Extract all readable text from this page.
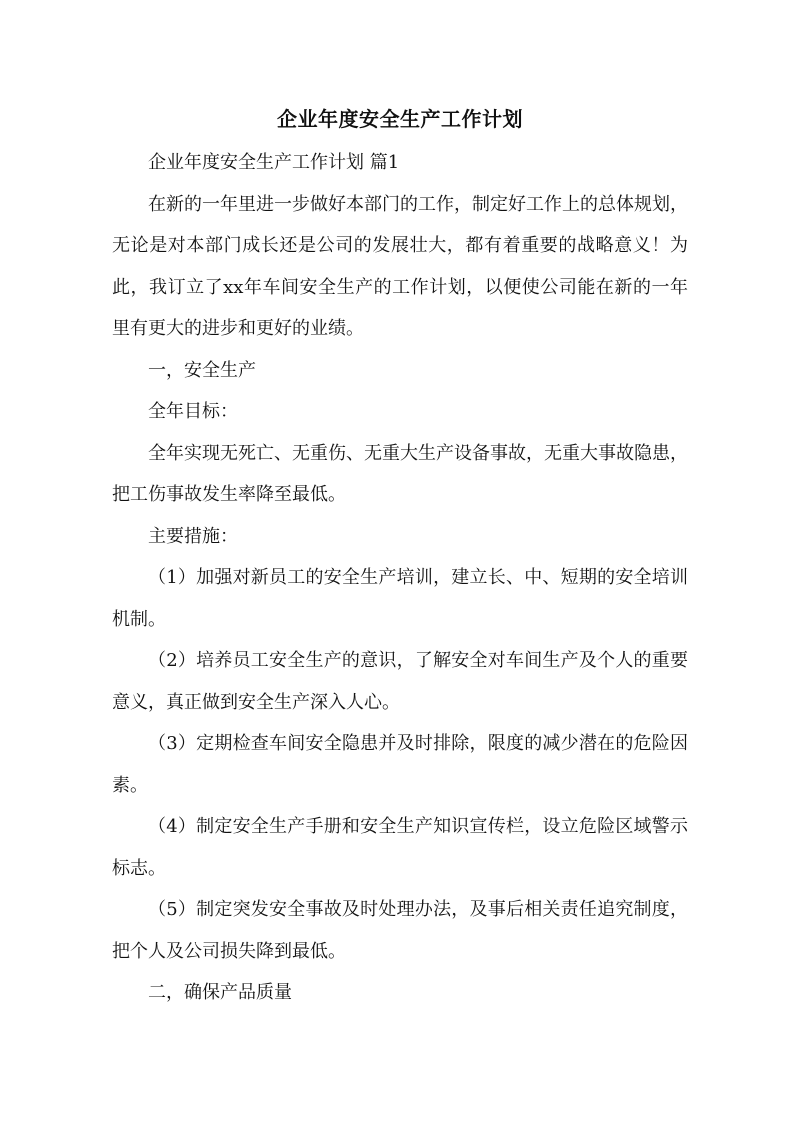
企业年度安全生产工作计划

企业年度安全生产工作计划 篇1

在新的一年里进一步做好本部门的工作，制定好工作上的总体规划，无论是对本部门成长还是公司的发展壮大，都有着重要的战略意义！为此，我订立了xx年车间安全生产的工作计划，以便使公司能在新的一年里有更大的进步和更好的业绩。

一，安全生产

全年目标：

全年实现无死亡、无重伤、无重大生产设备事故，无重大事故隐患，把工伤事故发生率降至最低。

主要措施：

（1）加强对新员工的安全生产培训，建立长、中、短期的安全培训机制。

（2）培养员工安全生产的意识，了解安全对车间生产及个人的重要意义，真正做到安全生产深入人心。

（3）定期检查车间安全隐患并及时排除，限度的减少潜在的危险因素。

（4）制定安全生产手册和安全生产知识宣传栏，设立危险区域警示标志。

（5）制定突发安全事故及时处理办法，及事后相关责任追究制度，把个人及公司损失降到最低。

二，确保产品质量
